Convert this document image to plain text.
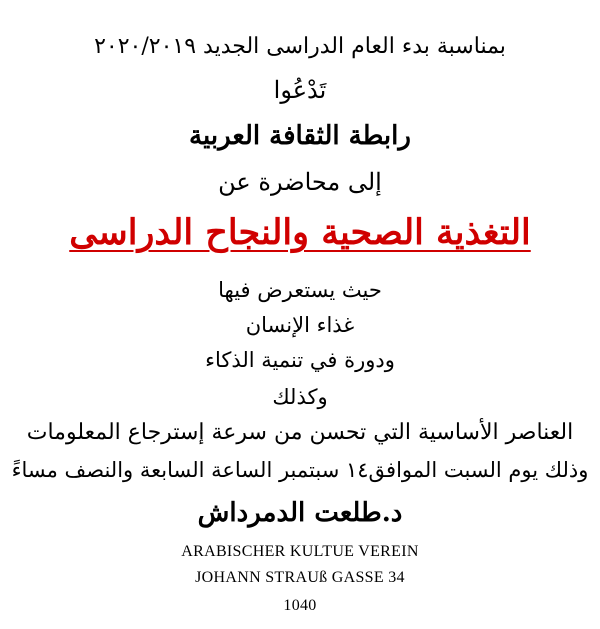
بمناسبة بدء العام الدراسى الجديد ٢٠٢٠/٢٠١٩
تَدْعُوا
رابطة الثقافة العربية
إلى محاضرة عن
التغذية الصحية والنجاح الدراسى
حيث يستعرض فيها
غذاء الإنسان
ودورة في تنمية الذكاء
وكذلك
العناصر الأساسية التي تحسن من سرعة إسترجاع المعلومات
وذلك يوم السبت الموافق١٤ سبتمبر الساعة السابعة والنصف مساءً
د.طلعت الدمرداش
ARABISCHER KULTUE VEREIN
JOHANN STRAUß GASSE 34
1040
